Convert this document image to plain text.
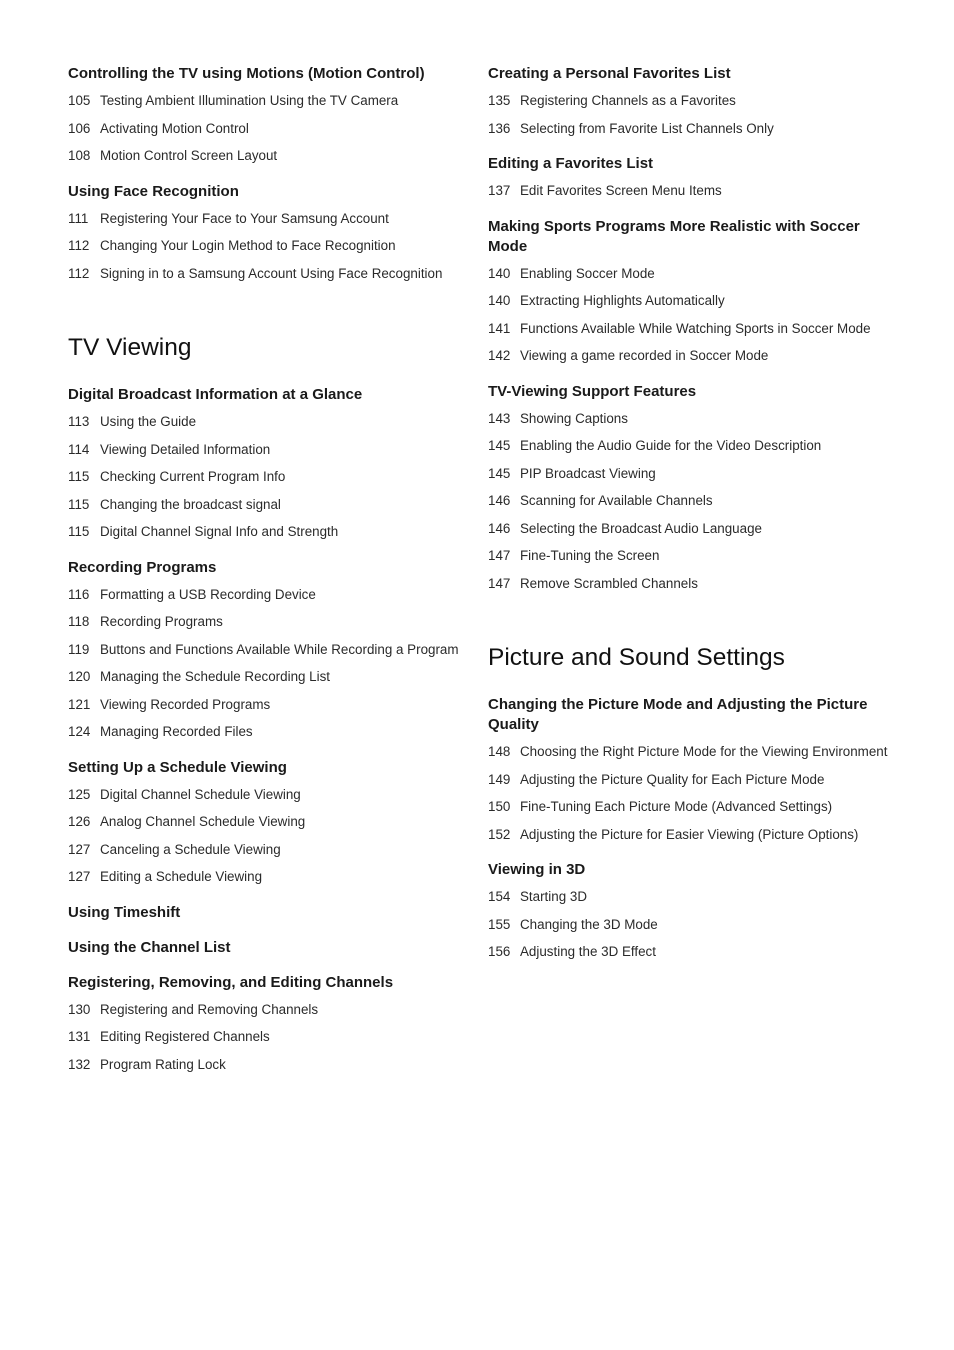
Controlling the TV using Motions (Motion Control)
105 Testing Ambient Illumination Using the TV Camera
106 Activating Motion Control
108 Motion Control Screen Layout
Using Face Recognition
111 Registering Your Face to Your Samsung Account
112 Changing Your Login Method to Face Recognition
112 Signing in to a Samsung Account Using Face Recognition
TV Viewing
Digital Broadcast Information at a Glance
113 Using the Guide
114 Viewing Detailed Information
115 Checking Current Program Info
115 Changing the broadcast signal
115 Digital Channel Signal Info and Strength
Recording Programs
116 Formatting a USB Recording Device
118 Recording Programs
119 Buttons and Functions Available While Recording a Program
120 Managing the Schedule Recording List
121 Viewing Recorded Programs
124 Managing Recorded Files
Setting Up a Schedule Viewing
125 Digital Channel Schedule Viewing
126 Analog Channel Schedule Viewing
127 Canceling a Schedule Viewing
127 Editing a Schedule Viewing
Using Timeshift
Using the Channel List
Registering, Removing, and Editing Channels
130 Registering and Removing Channels
131 Editing Registered Channels
132 Program Rating Lock
Creating a Personal Favorites List
135 Registering Channels as a Favorites
136 Selecting from Favorite List Channels Only
Editing a Favorites List
137 Edit Favorites Screen Menu Items
Making Sports Programs More Realistic with Soccer Mode
140 Enabling Soccer Mode
140 Extracting Highlights Automatically
141 Functions Available While Watching Sports in Soccer Mode
142 Viewing a game recorded in Soccer Mode
TV-Viewing Support Features
143 Showing Captions
145 Enabling the Audio Guide for the Video Description
145 PIP Broadcast Viewing
146 Scanning for Available Channels
146 Selecting the Broadcast Audio Language
147 Fine-Tuning the Screen
147 Remove Scrambled Channels
Picture and Sound Settings
Changing the Picture Mode and Adjusting the Picture Quality
148 Choosing the Right Picture Mode for the Viewing Environment
149 Adjusting the Picture Quality for Each Picture Mode
150 Fine-Tuning Each Picture Mode (Advanced Settings)
152 Adjusting the Picture for Easier Viewing (Picture Options)
Viewing in 3D
154 Starting 3D
155 Changing the 3D Mode
156 Adjusting the 3D Effect
